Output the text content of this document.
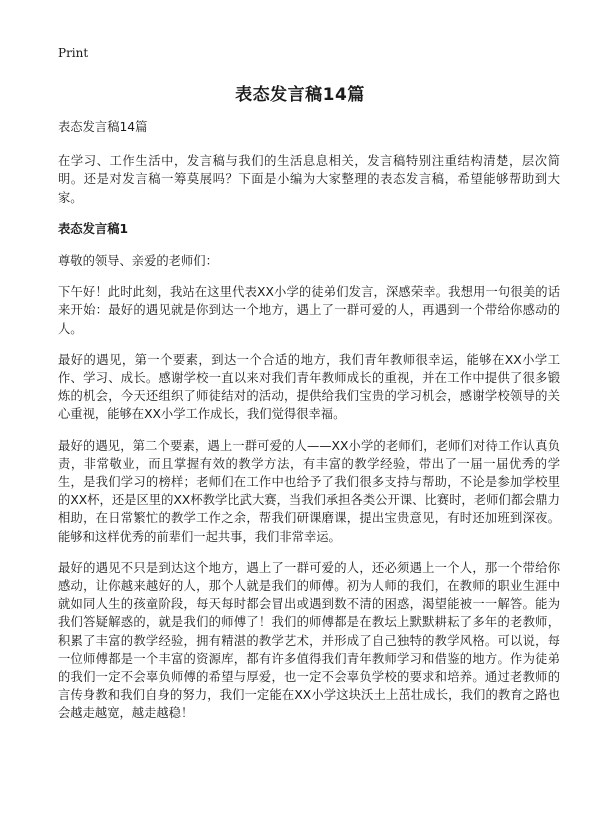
Print
表态发言稿14篇

表态发言稿14篇

在学习、工作生活中，发言稿与我们的生活息息相关，发言稿特别注重结构清楚，层次简明。还是对发言稿一筹莫展吗？下面是小编为大家整理的表态发言稿，希望能够帮助到大家。

表态发言稿1

尊敬的领导、亲爱的老师们：

下午好！此时此刻，我站在这里代表XX小学的徒弟们发言，深感荣幸。我想用一句很美的话来开始：最好的遇见就是你到达一个地方，遇上了一群可爱的人，再遇到一个带给你感动的人。

最好的遇见，第一个要素，到达一个合适的地方，我们青年教师很幸运，能够在XX小学工作、学习、成长。感谢学校一直以来对我们青年教师成长的重视，并在工作中提供了很多锻炼的机会，今天还组织了师徒结对的活动，提供给我们宝贵的学习机会，感谢学校领导的关心重视，能够在XX小学工作成长，我们觉得很幸福。

最好的遇见，第二个要素，遇上一群可爱的人——XX小学的老师们，老师们对待工作认真负责，非常敬业，而且掌握有效的教学方法，有丰富的教学经验，带出了一届一届优秀的学生，是我们学习的榜样；老师们在工作中也给予了我们很多支持与帮助，不论是参加学校里的XX杯，还是区里的XX杯教学比武大赛，当我们承担各类公开课、比赛时，老师们都会鼎力相助，在日常繁忙的教学工作之余，帮我们研课磨课，提出宝贵意见，有时还加班到深夜。能够和这样优秀的前辈们一起共事，我们非常幸运。

最好的遇见不只是到达这个地方，遇上了一群可爱的人，还必须遇上一个人，那一个带给你感动，让你越来越好的人，那个人就是我们的师傅。初为人师的我们，在教师的职业生涯中就如同人生的孩童阶段，每天每时都会冒出或遇到数不清的困惑，渴望能被一一解答。能为我们答疑解惑的，就是我们的师傅了！我们的师傅都是在教坛上默默耕耘了多年的老教师，积累了丰富的教学经验，拥有精湛的教学艺术，并形成了自己独特的教学风格。可以说，每一位师傅都是一个丰富的资源库，都有许多值得我们青年教师学习和借鉴的地方。作为徒弟的我们一定不会辜负师傅的希望与厚爱，也一定不会辜负学校的要求和培养。通过老教师的言传身教和我们自身的努力，我们一定能在XX小学这块沃土上茁壮成长，我们的教育之路也会越走越宽，越走越稳！
